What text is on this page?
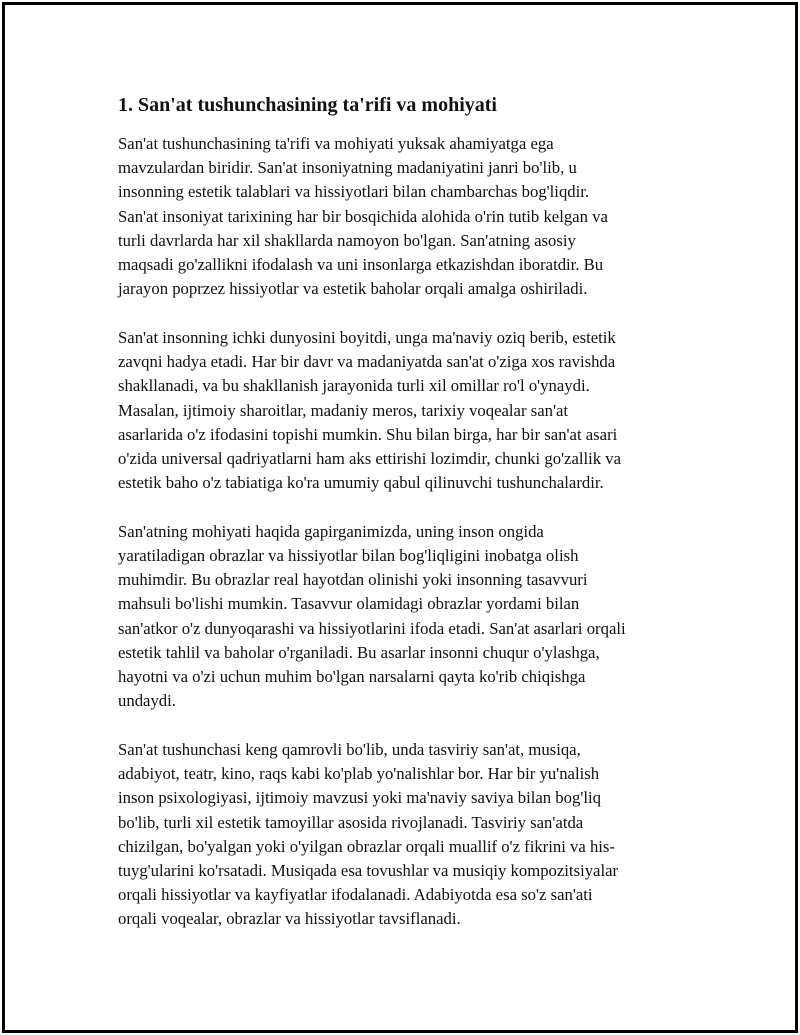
1. San'at tushunchasining ta'rifi va mohiyati
San'at tushunchasining ta'rifi va mohiyati yuksak ahamiyatga ega
mavzulardan biridir. San'at insoniyatning madaniyatini janri bo'lib, u
insonning estetik talablari va hissiyotlari bilan chambarchas bog'liqdir.
San'at insoniyat tarixining har bir bosqichida alohida o'rin tutib kelgan va
turli davrlarda har xil shakllarda namoyon bo'lgan. San'atning asosiy
maqsadi go'zallikni ifodalash va uni insonlarga etkazishdan iboratdir. Bu
jarayon poprzez hissiyotlar va estetik baholar orqali amalga oshiriladi.
San'at insonning ichki dunyosini boyitdi, unga ma'naviy oziq berib, estetik
zavqni hadya etadi. Har bir davr va madaniyatda san'at o'ziga xos ravishda
shakllanadi, va bu shakllanish jarayonida turli xil omillar ro'l o'ynaydi.
Masalan, ijtimoiy sharoitlar, madaniy meros, tarixiy voqealar san'at
asarlarida o'z ifodasini topishi mumkin. Shu bilan birga, har bir san'at asari
o'zida universal qadriyatlarni ham aks ettirishi lozimdir, chunki go'zallik va
estetik baho o'z tabiatiga ko'ra umumiy qabul qilinuvchi tushunchalardir.
San'atning mohiyati haqida gapirganimizda, uning inson ongida
yaratiladigan obrazlar va hissiyotlar bilan bog'liqligini inobatga olish
muhimdir. Bu obrazlar real hayotdan olinishi yoki insonning tasavvuri
mahsuli bo'lishi mumkin. Tasavvur olamidagi obrazlar yordami bilan
san'atkor o'z dunyoqarashi va hissiyotlarini ifoda etadi. San'at asarlari orqali
estetik tahlil va baholar o'rganiladi. Bu asarlar insonni chuqur o'ylashga,
hayotni va o'zi uchun muhim bo'lgan narsalarni qayta ko'rib chiqishga
undaydi.
San'at tushunchasi keng qamrovli bo'lib, unda tasviriy san'at, musiqa,
adabiyot, teatr, kino, raqs kabi ko'plab yo'nalishlar bor. Har bir yu'nalish
inson psixologiyasi, ijtimoiy mavzusi yoki ma'naviy saviya bilan bog'liq
bo'lib, turli xil estetik tamoyillar asosida rivojlanadi. Tasviriy san'atda
chizilgan, bo'yalgan yoki o'yilgan obrazlar orqali muallif o'z fikrini va his-
tuyg'ularini ko'rsatadi. Musiqada esa tovushlar va musiqiy kompozitsiyalar
orqali hissiyotlar va kayfiyatlar ifodalanadi. Adabiyotda esa so'z san'ati
orqali voqealar, obrazlar va hissiyotlar tavsiflanadi.
